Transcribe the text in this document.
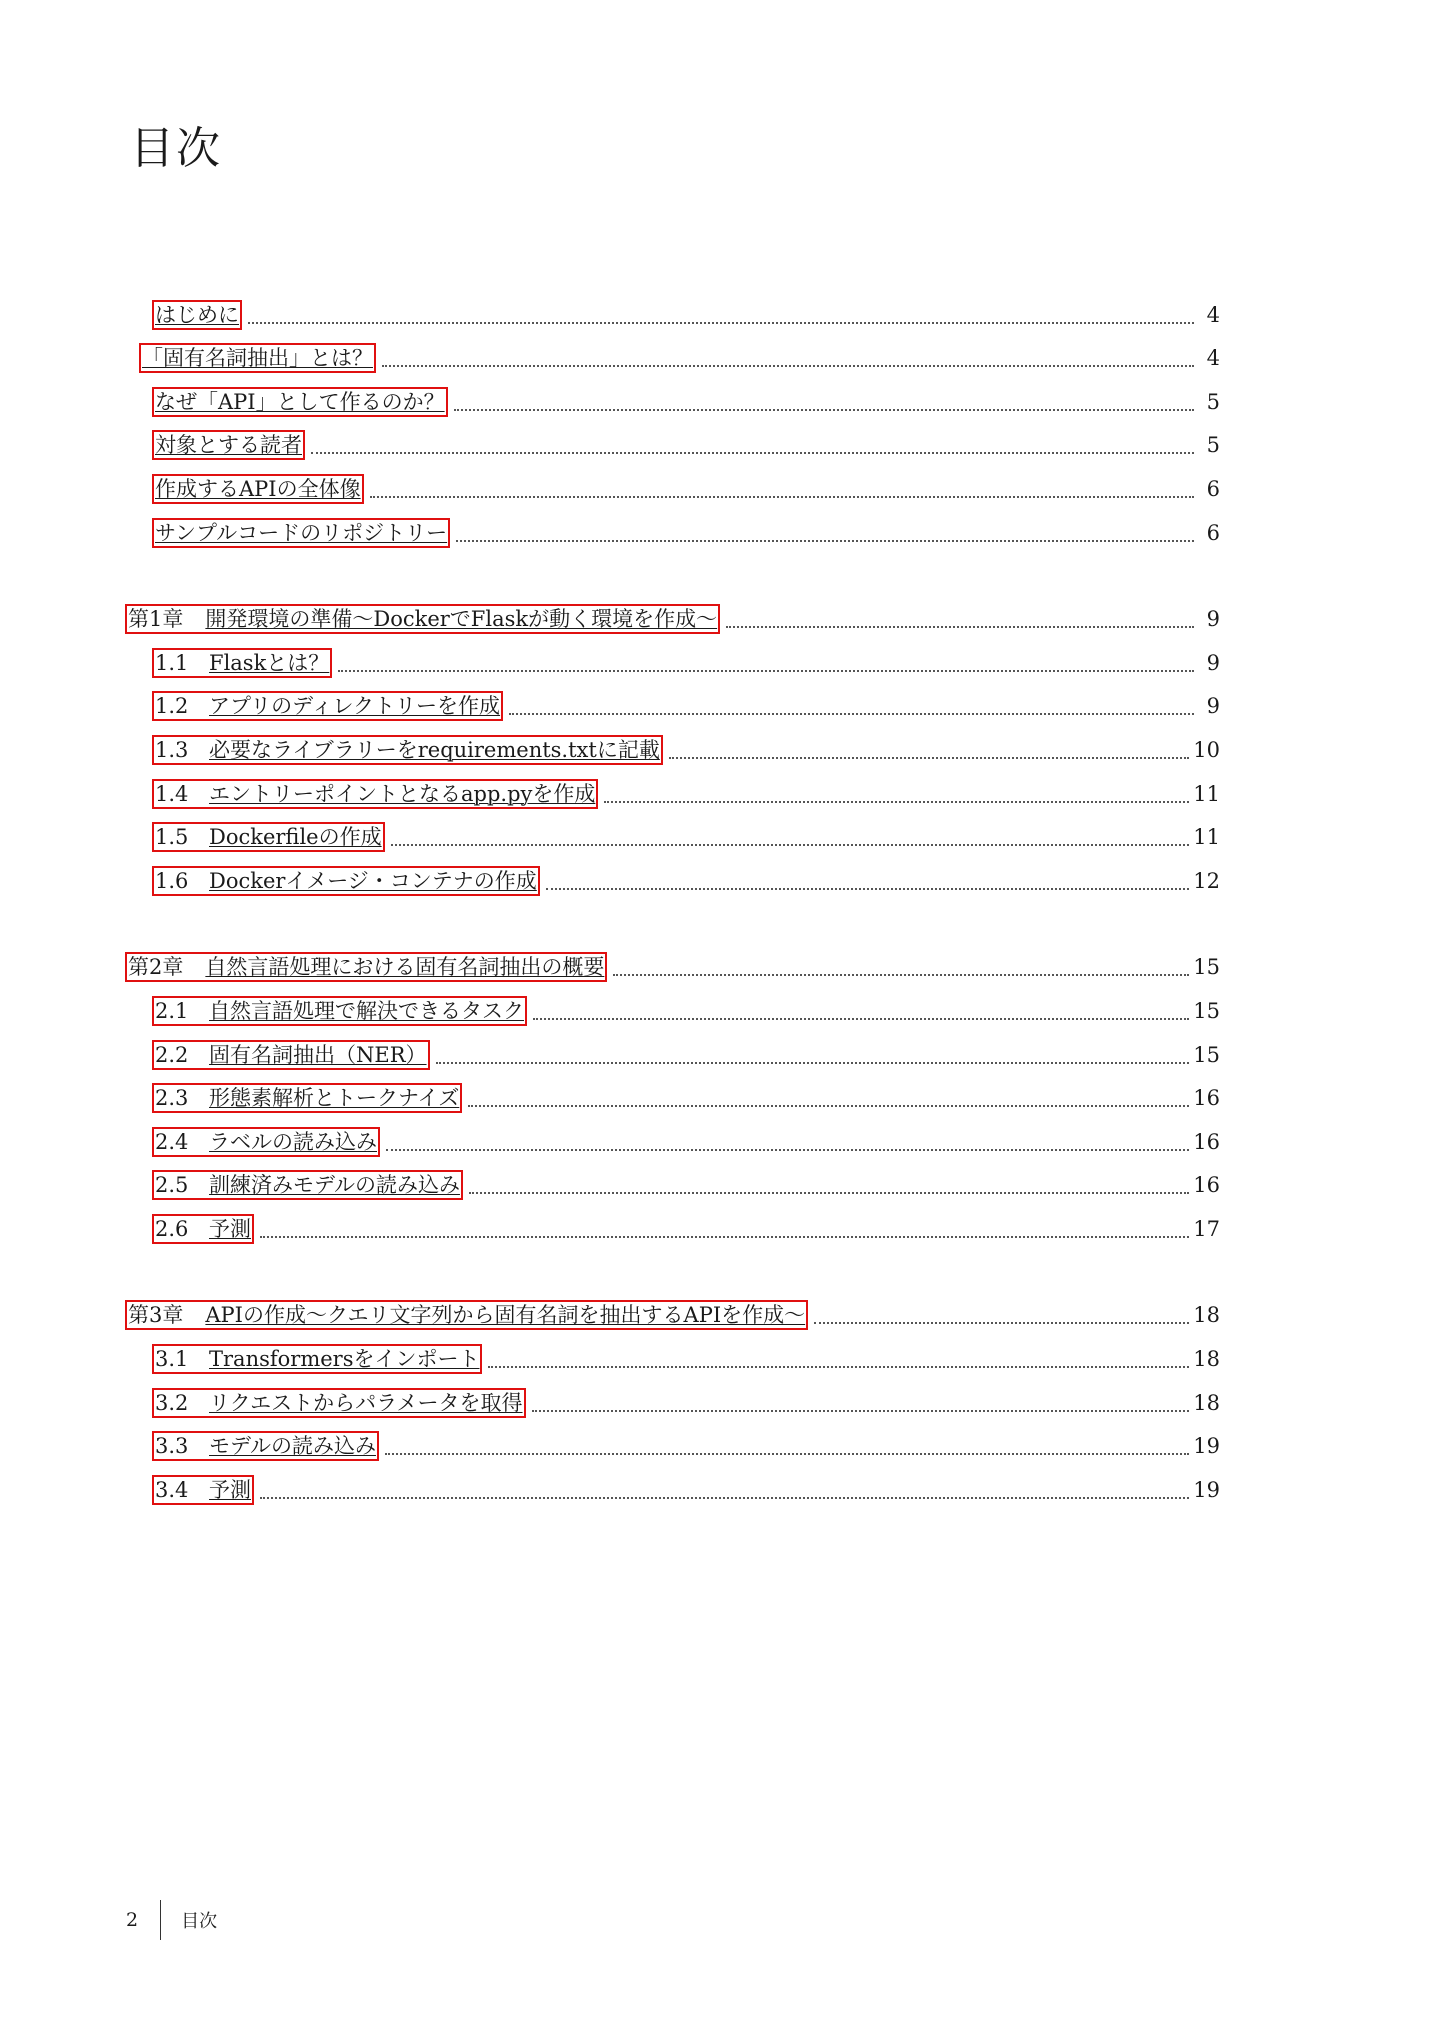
目次
はじめに	4
「固有名詞抽出」とは？	4
なぜ「API」として作るのか？	5
対象とする読者	5
作成するAPIの全体像	6
サンプルコードのリポジトリー	6
第1章 開発環境の準備〜DockerでFlaskが動く環境を作成〜	9
1.1 Flaskとは？	9
1.2 アプリのディレクトリーを作成	9
1.3 必要なライブラリーをrequirements.txtに記載	10
1.4 エントリーポイントとなるapp.pyを作成	11
1.5 Dockerfileの作成	11
1.6 Dockerイメージ・コンテナの作成	12
第2章 自然言語処理における固有名詞抽出の概要	15
2.1 自然言語処理で解決できるタスク	15
2.2 固有名詞抽出（NER）	15
2.3 形態素解析とトークナイズ	16
2.4 ラベルの読み込み	16
2.5 訓練済みモデルの読み込み	16
2.6 予測	17
第3章 APIの作成〜クエリ文字列から固有名詞を抽出するAPIを作成〜	18
3.1 Transformersをインポート	18
3.2 リクエストからパラメータを取得	18
3.3 モデルの読み込み	19
3.4 予測	19
2 目次
